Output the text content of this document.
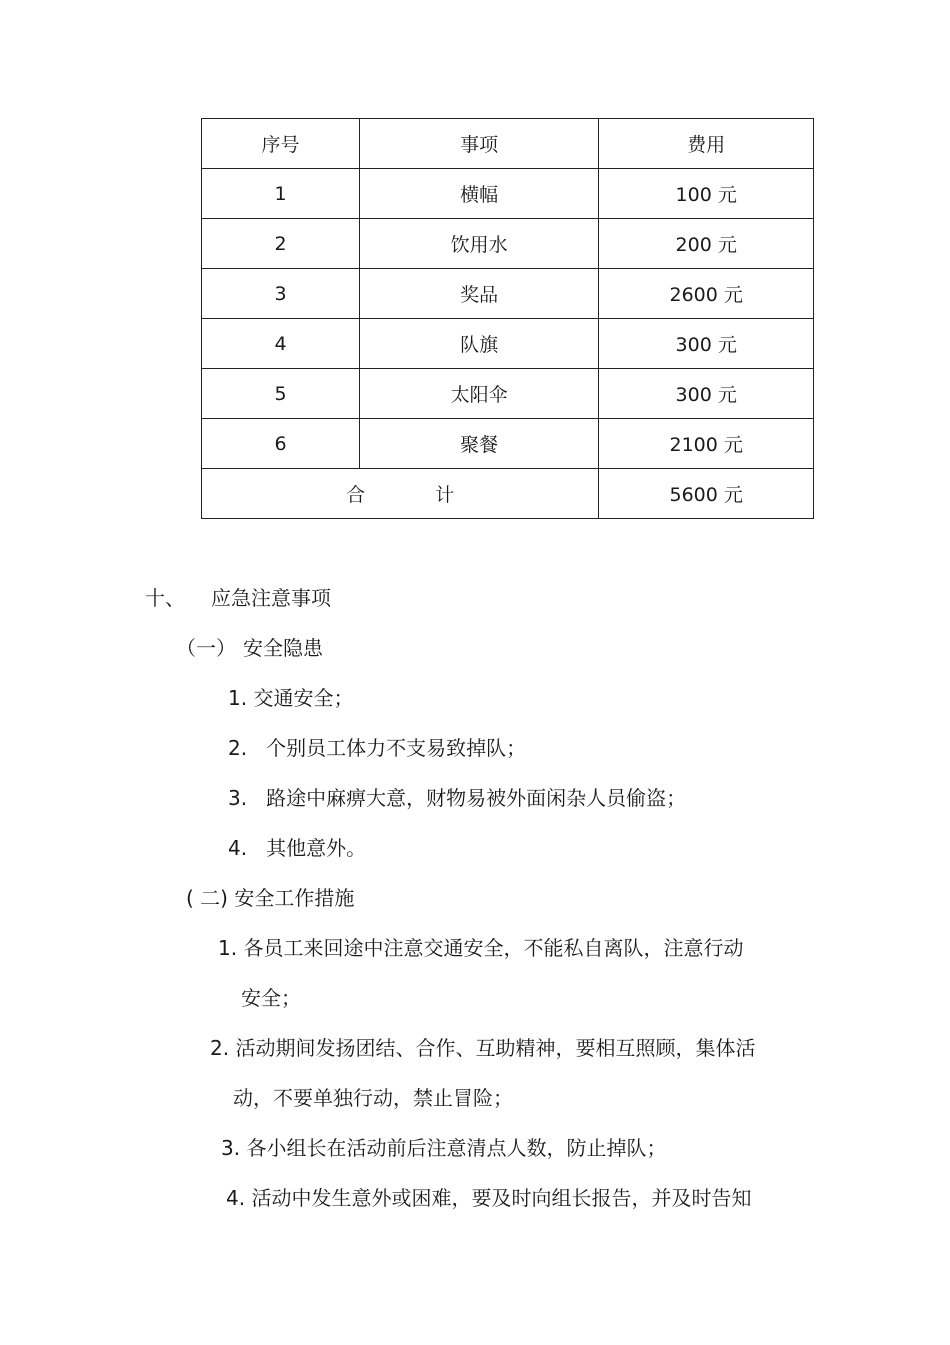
序号	事项	费用
1	横幅	100 元
2	饮用水	200 元
3	奖品	2600 元
4	队旗	300 元
5	太阳伞	300 元
6	聚餐	2100 元
合 计		5600 元
十、 应急注意事项
（一） 安全隐患
1. 交通安全；
2.   个别员工体力不支易致掉队；
3.   路途中麻痹大意，财物易被外面闲杂人员偷盗；
4.   其他意外。
( 二) 安全工作措施
1. 各员工来回途中注意交通安全，不能私自离队，注意行动
安全；
2. 活动期间发扬团结、合作、互助精神，要相互照顾，集体活
动，不要单独行动，禁止冒险；
3. 各小组长在活动前后注意清点人数，防止掉队；
4. 活动中发生意外或困难，要及时向组长报告，并及时告知
